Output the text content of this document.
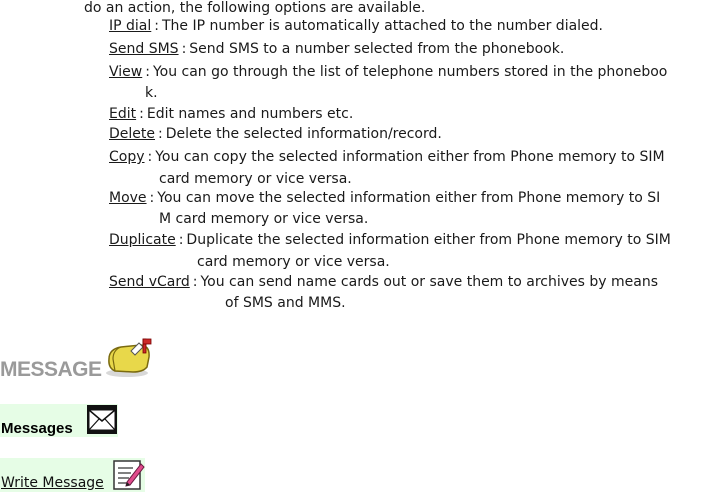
do an action, the following options are available.
IP dial : The IP number is automatically attached to the number dialed.
Send SMS : Send SMS to a number selected from the phonebook.
View : You can go through the list of telephone numbers stored in the phoneboo
k.
Edit : Edit names and numbers etc.
Delete : Delete the selected information/record.
Copy : You can copy the selected information either from Phone memory to SIM
card memory or vice versa.
Move : You can move the selected information either from Phone memory to SI
M card memory or vice versa.
Duplicate : Duplicate the selected information either from Phone memory to SIM
card memory or vice versa.
Send vCard : You can send name cards out or save them to archives by means
of SMS and MMS.
MESSAGE
Messages
Write Message
